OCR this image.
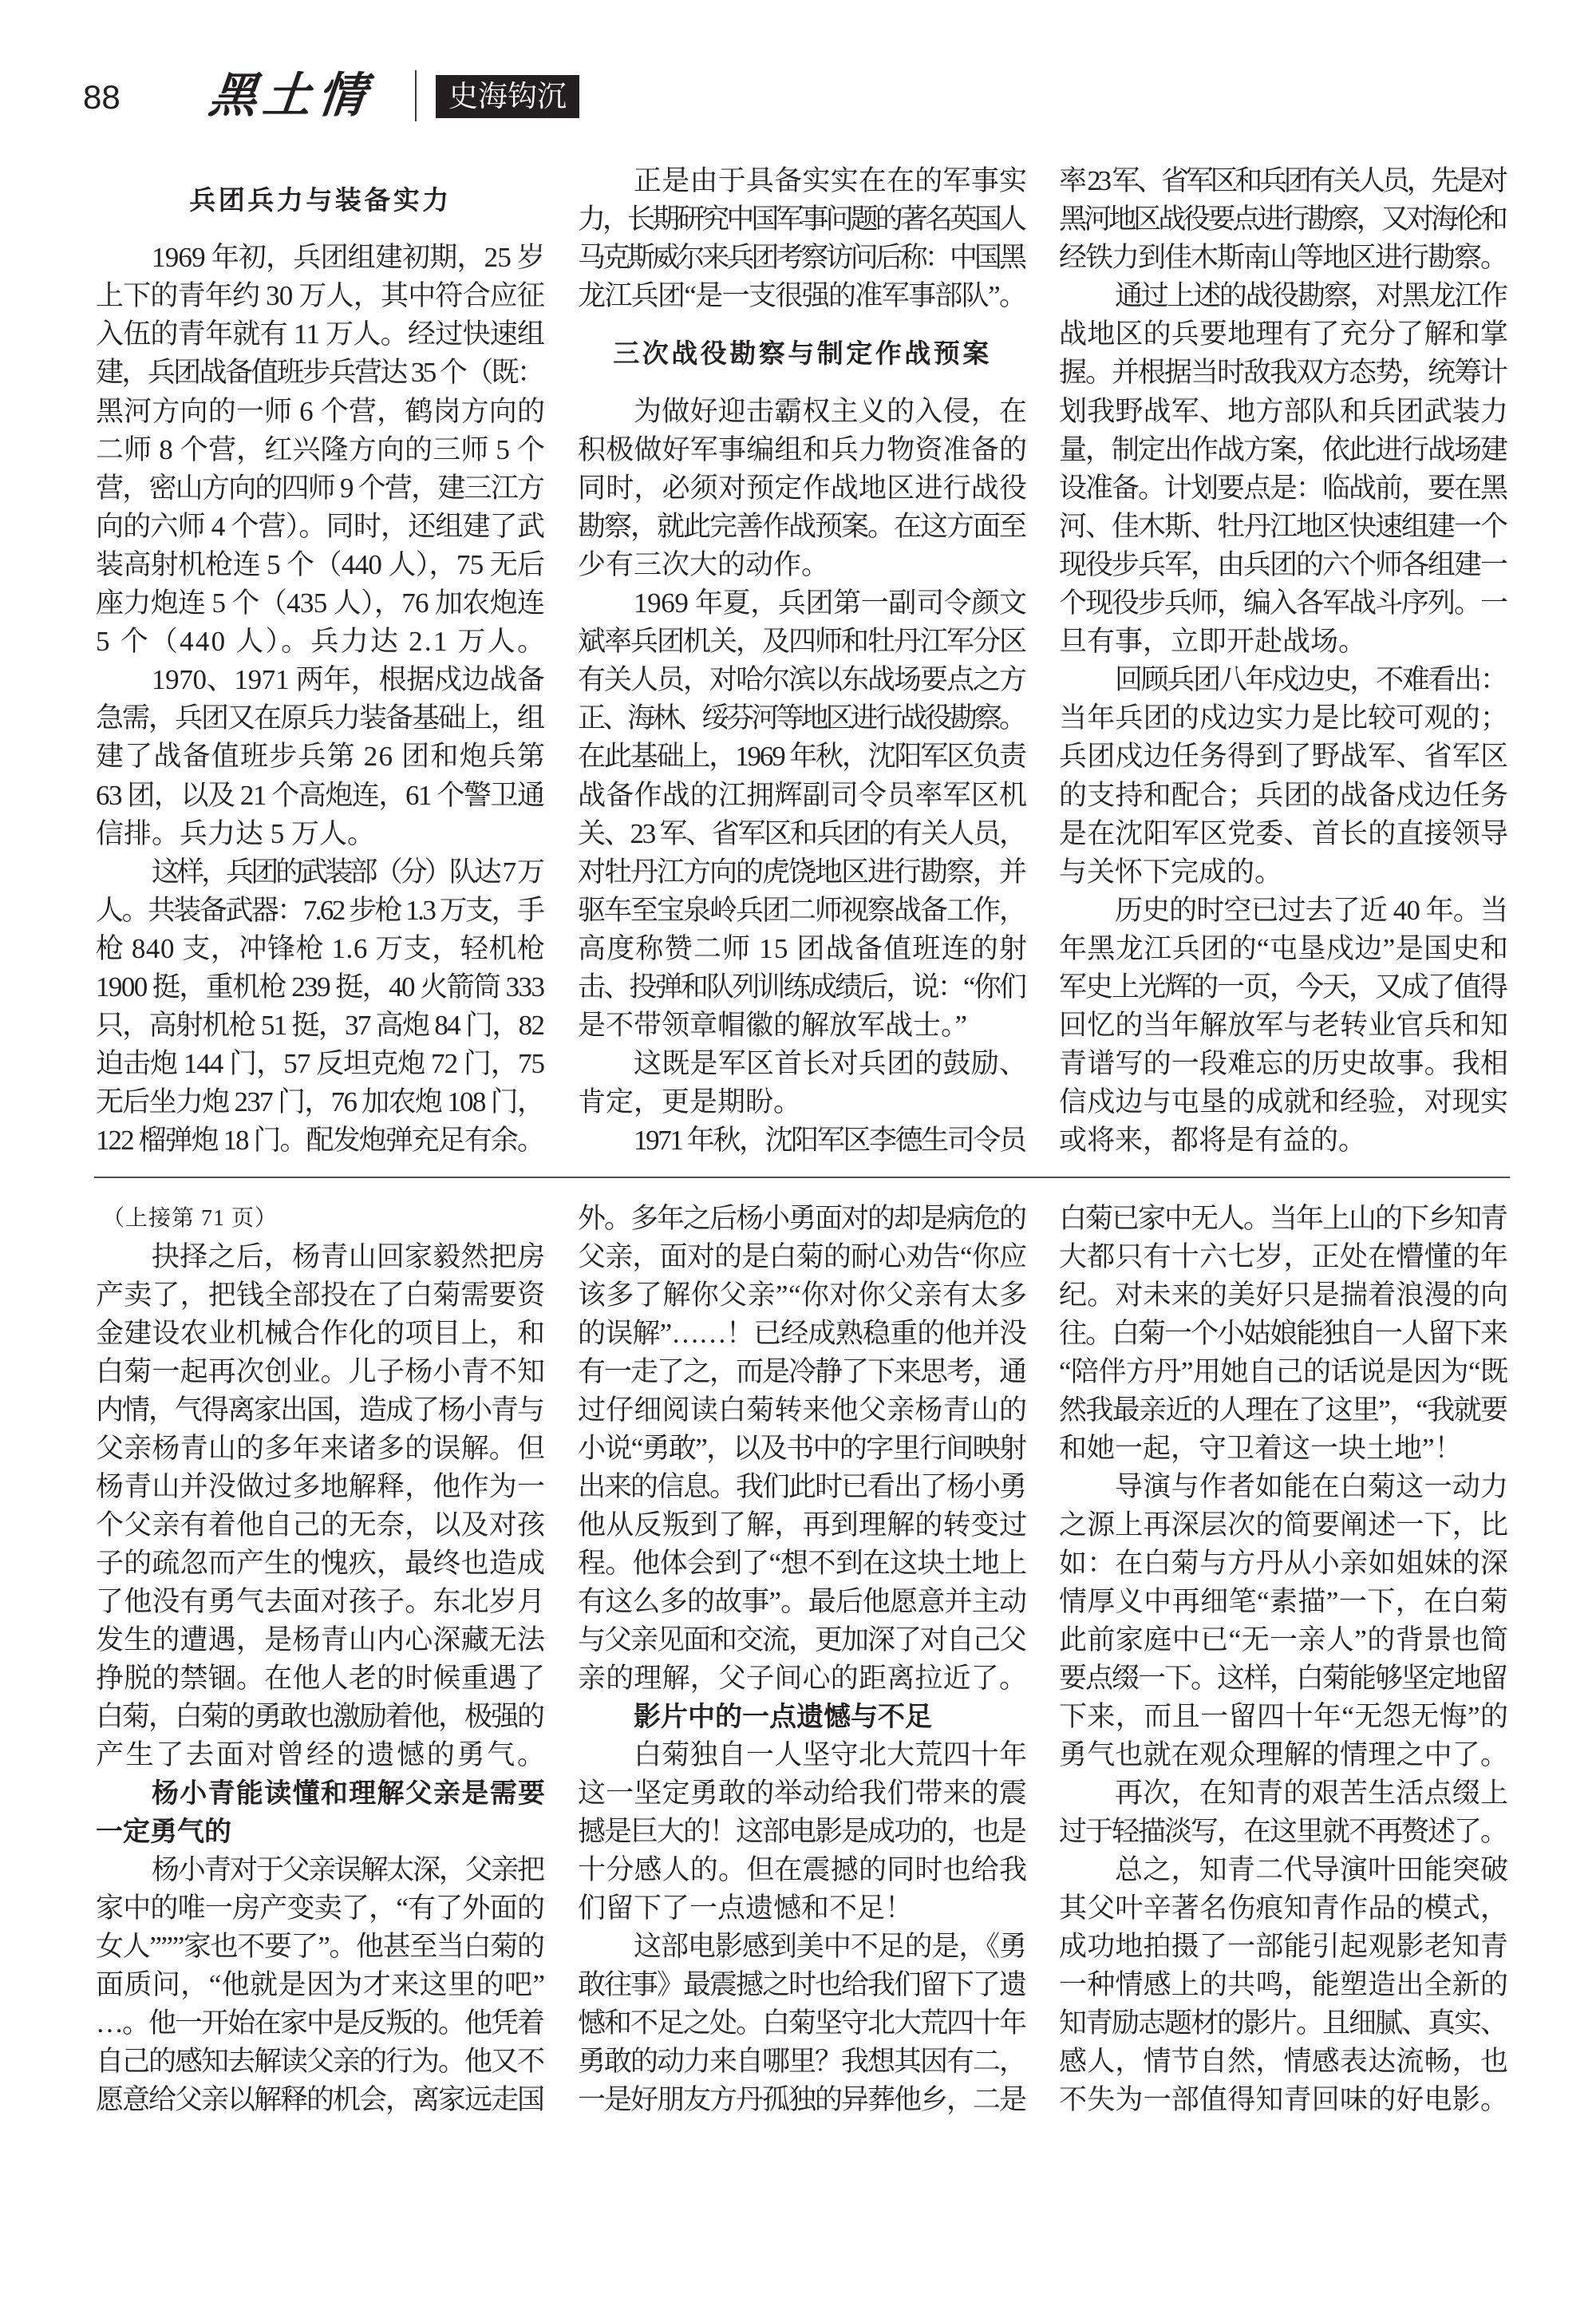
88 黑土情	史海钩沉
兵团兵力与装备实力
1969 年初，兵团组建初期，25 岁
上下的青年约 30 万人，其中符合应征
入伍的青年就有 11 万人。经过快速组
建，兵团战备值班步兵营达 35 个（既：
黑河方向的一师 6 个营，鹤岗方向的
二师 8 个营，红兴隆方向的三师 5 个
营，密山方向的四师 9 个营，建三江方
向的六师 4 个营）。同时，还组建了武
装高射机枪连 5 个（440 人），75 无后
座力炮连 5 个（435 人），76 加农炮连
5 个（440 人）。兵力达 2.1 万人。
1970、1971 两年，根据戍边战备
急需，兵团又在原兵力装备基础上，组
建了战备值班步兵第 26 团和炮兵第
63 团，以及 21 个高炮连，61 个警卫通
信排。兵力达 5 万人。
这样，兵团的武装部（分）队达 7 万
人。共装备武器：7.62 步枪 1.3 万支，手
枪 840 支，冲锋枪 1.6 万支，轻机枪
1900 挺，重机枪 239 挺，40 火箭筒 333
只，高射机枪 51 挺，37 高炮 84 门，82
迫击炮 144 门，57 反坦克炮 72 门，75
无后坐力炮 237 门，76 加农炮 108 门，
122 榴弹炮 18 门。配发炮弹充足有余。
正是由于具备实实在在的军事实
力，长期研究中国军事问题的著名英国人
马克斯威尔来兵团考察访问后称：中国黑
龙江兵团“是一支很强的准军事部队”。
三次战役勘察与制定作战预案
为做好迎击霸权主义的入侵，在
积极做好军事编组和兵力物资准备的
同时，必须对预定作战地区进行战役
勘察，就此完善作战预案。在这方面至
少有三次大的动作。
1969 年夏，兵团第一副司令颜文
斌率兵团机关，及四师和牡丹江军分区
有关人员，对哈尔滨以东战场要点之方
正、海林、绥芬河等地区进行战役勘察。
在此基础上，1969 年秋，沈阳军区负责
战备作战的江拥辉副司令员率军区机
关、23 军、省军区和兵团的有关人员，
对牡丹江方向的虎饶地区进行勘察，并
驱车至宝泉岭兵团二师视察战备工作，
高度称赞二师 15 团战备值班连的射
击、投弹和队列训练成绩后，说：“你们
是不带领章帽徽的解放军战士。”
这既是军区首长对兵团的鼓励、
肯定，更是期盼。
1971 年秋，沈阳军区李德生司令员
率 23 军、省军区和兵团有关人员，先是对
黑河地区战役要点进行勘察，又对海伦和
经铁力到佳木斯南山等地区进行勘察。
通过上述的战役勘察，对黑龙江作
战地区的兵要地理有了充分了解和掌
握。并根据当时敌我双方态势，统筹计
划我野战军、地方部队和兵团武装力
量，制定出作战方案，依此进行战场建
设准备。计划要点是：临战前，要在黑
河、佳木斯、牡丹江地区快速组建一个
现役步兵军，由兵团的六个师各组建一
个现役步兵师，编入各军战斗序列。一
旦有事，立即开赴战场。
回顾兵团八年戍边史，不难看出：
当年兵团的戍边实力是比较可观的；
兵团戍边任务得到了野战军、省军区
的支持和配合；兵团的战备戍边任务
是在沈阳军区党委、首长的直接领导
与关怀下完成的。
历史的时空已过去了近 40 年。当
年黑龙江兵团的“屯垦戍边”是国史和
军史上光辉的一页，今天，又成了值得
回忆的当年解放军与老转业官兵和知
青谱写的一段难忘的历史故事。我相
信戍边与屯垦的成就和经验，对现实
或将来，都将是有益的。
（上接第 71 页）
抉择之后，杨青山回家毅然把房
产卖了，把钱全部投在了白菊需要资
金建设农业机械合作化的项目上，和
白菊一起再次创业。儿子杨小青不知
内情，气得离家出国，造成了杨小青与
父亲杨青山的多年来诸多的误解。但
杨青山并没做过多地解释，他作为一
个父亲有着他自己的无奈，以及对孩
子的疏忽而产生的愧疚，最终也造成
了他没有勇气去面对孩子。东北岁月
发生的遭遇，是杨青山内心深藏无法
挣脱的禁锢。在他人老的时候重遇了
白菊，白菊的勇敢也激励着他，极强的
产生了去面对曾经的遗憾的勇气。
杨小青能读懂和理解父亲是需要
一定勇气的
杨小青对于父亲误解太深，父亲把
家中的唯一房产变卖了，“有了外面的
女人”””家也不要了”。他甚至当白菊的
面质问，“他就是因为才来这里的吧”
…。他一开始在家中是反叛的。他凭着
自己的感知去解读父亲的行为。他又不
愿意给父亲以解释的机会，离家远走国
外。多年之后杨小勇面对的却是病危的
父亲，面对的是白菊的耐心劝告“你应
该多了解你父亲”“你对你父亲有太多
的误解”……！已经成熟稳重的他并没
有一走了之，而是冷静了下来思考，通
过仔细阅读白菊转来他父亲杨青山的
小说“勇敢”，以及书中的字里行间映射
出来的信息。我们此时已看出了杨小勇
他从反叛到了解，再到理解的转变过
程。他体会到了“想不到在这块土地上
有这么多的故事”。最后他愿意并主动
与父亲见面和交流，更加深了对自己父
亲的理解，父子间心的距离拉近了。
影片中的一点遗憾与不足
白菊独自一人坚守北大荒四十年
这一坚定勇敢的举动给我们带来的震
撼是巨大的！这部电影是成功的，也是
十分感人的。但在震撼的同时也给我
们留下了一点遗憾和不足！
这部电影感到美中不足的是，《勇
敢往事》最震撼之时也给我们留下了遗
憾和不足之处。白菊坚守北大荒四十年
勇敢的动力来自哪里？我想其因有二，
一是好朋友方丹孤独的异葬他乡，二是
白菊已家中无人。当年上山的下乡知青
大都只有十六七岁，正处在懵懂的年
纪。对未来的美好只是揣着浪漫的向
往。白菊一个小姑娘能独自一人留下来
“陪伴方丹”用她自己的话说是因为“既
然我最亲近的人理在了这里”，“我就要
和她一起，守卫着这一块土地”！
导演与作者如能在白菊这一动力
之源上再深层次的简要阐述一下，比
如：在白菊与方丹从小亲如姐妹的深
情厚义中再细笔“素描”一下，在白菊
此前家庭中已“无一亲人”的背景也简
要点缀一下。这样，白菊能够坚定地留
下来，而且一留四十年“无怨无悔”的
勇气也就在观众理解的情理之中了。
再次，在知青的艰苦生活点缀上
过于轻描淡写，在这里就不再赘述了。
总之，知青二代导演叶田能突破
其父叶辛著名伤痕知青作品的模式，
成功地拍摄了一部能引起观影老知青
一种情感上的共鸣，能塑造出全新的
知青励志题材的影片。且细腻、真实、
感人，情节自然，情感表达流畅，也
不失为一部值得知青回味的好电影。
